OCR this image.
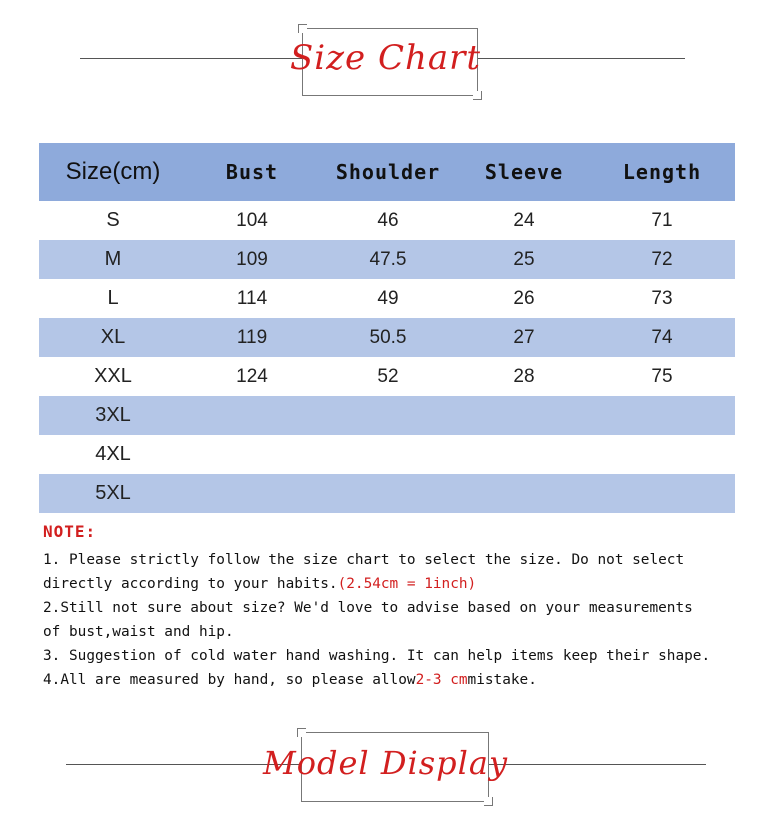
Size Chart
Size(cm)	Bust	Shoulder	Sleeve	Length
S	104	46	24	71
M	109	47.5	25	72
L	114	49	26	73
XL	119	50.5	27	74
XXL	124	52	28	75
3XL				
4XL				
5XL				
NOTE:

1. Please strictly follow the size chart to select the size. Do not select

directly according to your habits.(2.54cm = 1inch)

2.Still not sure about size? We'd love to advise based on your measurements

of bust,waist and hip.

3. Suggestion of cold water hand washing. It can help items keep their shape.

4.All are measured by hand, so please allow2-3 cmmistake.

Model Display
